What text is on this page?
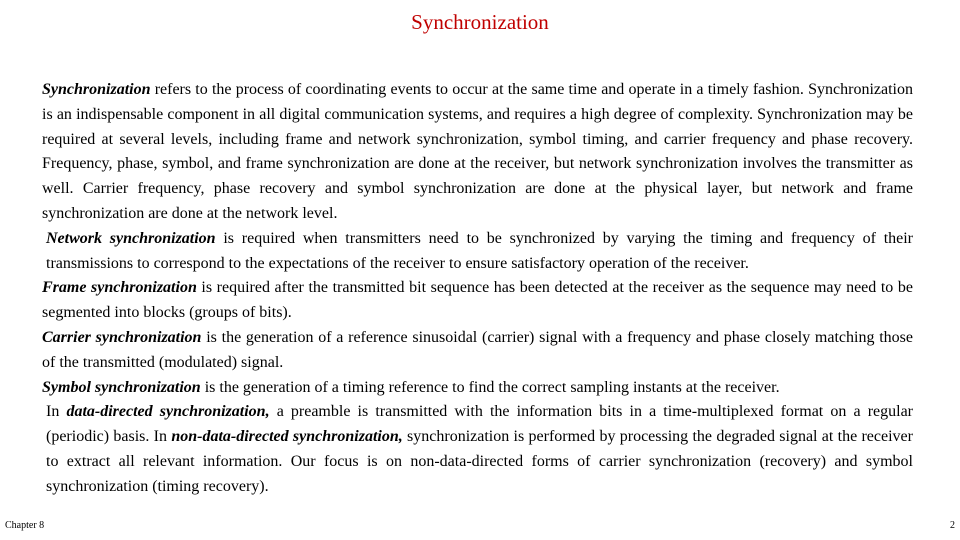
Synchronization

Synchronization refers to the process of coordinating events to occur at the same time and operate in a timely fashion. Synchronization is an indispensable component in all digital communication systems, and requires a high degree of complexity. Synchronization may be required at several levels, including frame and network synchronization, symbol timing, and carrier frequency and phase recovery. Frequency, phase, symbol, and frame synchronization are done at the receiver, but network synchronization involves the transmitter as well. Carrier frequency, phase recovery and symbol synchronization are done at the physical layer, but network and frame synchronization are done at the network level.

Network synchronization is required when transmitters need to be synchronized by varying the timing and frequency of their transmissions to correspond to the expectations of the receiver to ensure satisfactory operation of the receiver.

Frame synchronization is required after the transmitted bit sequence has been detected at the receiver as the sequence may need to be segmented into blocks (groups of bits).

Carrier synchronization is the generation of a reference sinusoidal (carrier) signal with a frequency and phase closely matching those of the transmitted (modulated) signal.

Symbol synchronization is the generation of a timing reference to find the correct sampling instants at the receiver.

In data-directed synchronization, a preamble is transmitted with the information bits in a time-multiplexed format on a regular (periodic) basis. In non-data-directed synchronization, synchronization is performed by processing the degraded signal at the receiver to extract all relevant information. Our focus is on non-data-directed forms of carrier synchronization (recovery) and symbol synchronization (timing recovery).

Chapter 8	2
